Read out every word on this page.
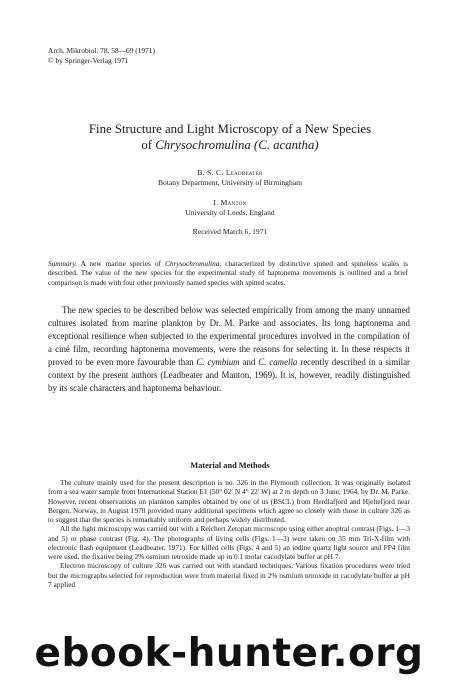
Arch. Mikrobiol. 78, 58—69 (1971)
© by Springer-Verlag 1971
Fine Structure and Light Microscopy of a New Species
of Chrysochromulina (C. acantha)
B. S. C. Leadbeater
Botany Department, University of Birmingham
I. Manton
University of Leeds, England
Received March 6, 1971
Summary. A new marine species of Chrysochromulina, characterized by distinctive spined and spineless scales is described. The value of the new species for the experimental study of haptonema movements is outlined and a brief comparison is made with four other previously named species with spined scales.
The new species to be described below was selected empirically from among the many unnamed cultures isolated from marine plankton by Dr. M. Parke and associates. Its long haptonema and exceptional resilience when subjected to the experimental procedures involved in the compilation of a ciné film, recording haptonema movements, were the reasons for selecting it. In these respects it proved to be even more favourable than C. cymbium and C. camella recently described in a similar context by the present authors (Leadbeater and Manton, 1969). It is, however, readily distinguished by its scale characters and haptonema behaviour.
Material and Methods

The culture mainly used for the present description is no. 326 in the Plymouth collection. It was originally isolated from a sea water sample from International Station E1 (50° 02′ N 4° 22′ W) at 2 m depth on 3 June, 1964, by Dr. M. Parke. However, recent observations on plankton samples obtained by one of us (BSCL) from Herdlafjord and Hjeltefjord near Bergen, Norway, in August 1970 provided many additional specimens which agree so closely with those in culture 326 as to suggest that the species is remarkably uniform and perhaps widely distributed.

All the light microscopy was carried out with a Reichert Zetopan microscope using either anoptral contrast (Figs. 1—3 and 5) or phase contrast (Fig. 4). The photographs of living cells (Figs. 1—3) were taken on 35 mm Tri-X-film with electronic flash equipment (Leadbeater, 1971). For killed cells (Figs. 4 and 5) an iodine quartz light source and FP4 film were used, the fixative being 2% osmium tetroxide made up in 0.1 molar cacodylate buffer at pH 7.

Electron microscopy of culture 326 was carried out with standard techniques. Various fixation procedures were tried but the micrographs selected for reproduction were from material fixed in 2% osmium tetroxide in cacodylate buffer at pH 7 applied

ebook-hunter.org
